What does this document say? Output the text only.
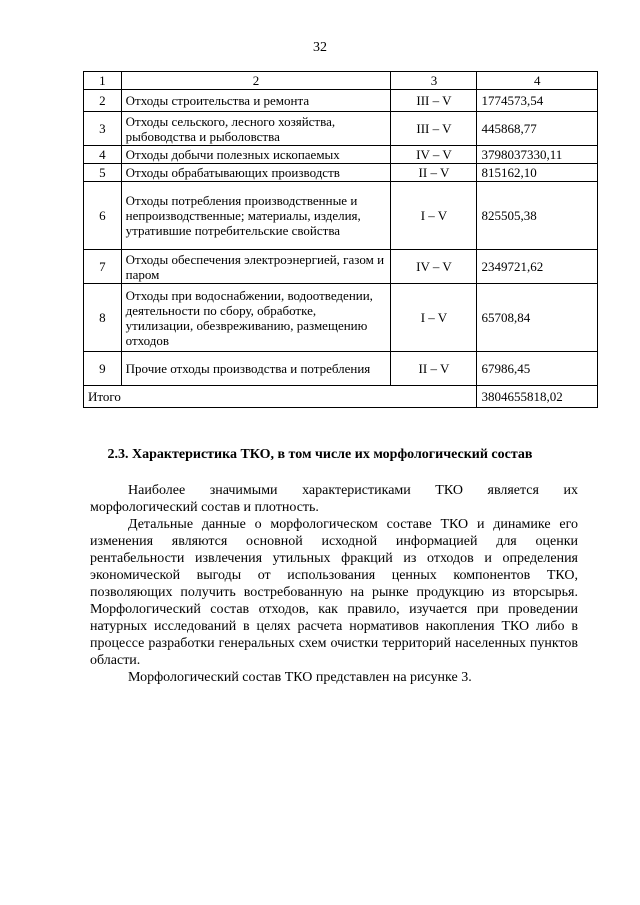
32
1	2	3	4
2	Отходы строительства и ремонта	III – V	1774573,54
3	Отходы сельского, лесного хозяйства, рыбоводства и рыболовства	III – V	445868,77
4	Отходы добычи полезных ископаемых	IV – V	3798037330,11
5	Отходы обрабатывающих производств	II – V	815162,10
6	Отходы потребления производственные и непроизводственные; материалы, изделия, утратившие потребительские свойства	I – V	825505,38
7	Отходы обеспечения электроэнергией, газом и паром	IV – V	2349721,62
8	Отходы при водоснабжении, водоотведении, деятельности по сбору, обработке, утилизации, обезвреживанию, размещению отходов	I – V	65708,84
9	Прочие отходы производства и потребления	II – V	67986,45
Итого			3804655818,02
2.3. Характеристика ТКО, в том числе их морфологический состав

Наиболее значимыми характеристиками ТКО является их морфологический состав и плотность.

Детальные данные о морфологическом составе ТКО и динамике его изменения являются основной исходной информацией для оценки рентабельности извлечения утильных фракций из отходов и определения экономической выгоды от использования ценных компонентов ТКО, позволяющих получить востребованную на рынке продукцию из вторсырья. Морфологический состав отходов, как правило, изучается при проведении натурных исследований в целях расчета нормативов накопления ТКО либо в процессе разработки генеральных схем очистки территорий населенных пунктов области.

Морфологический состав ТКО представлен на рисунке 3.
